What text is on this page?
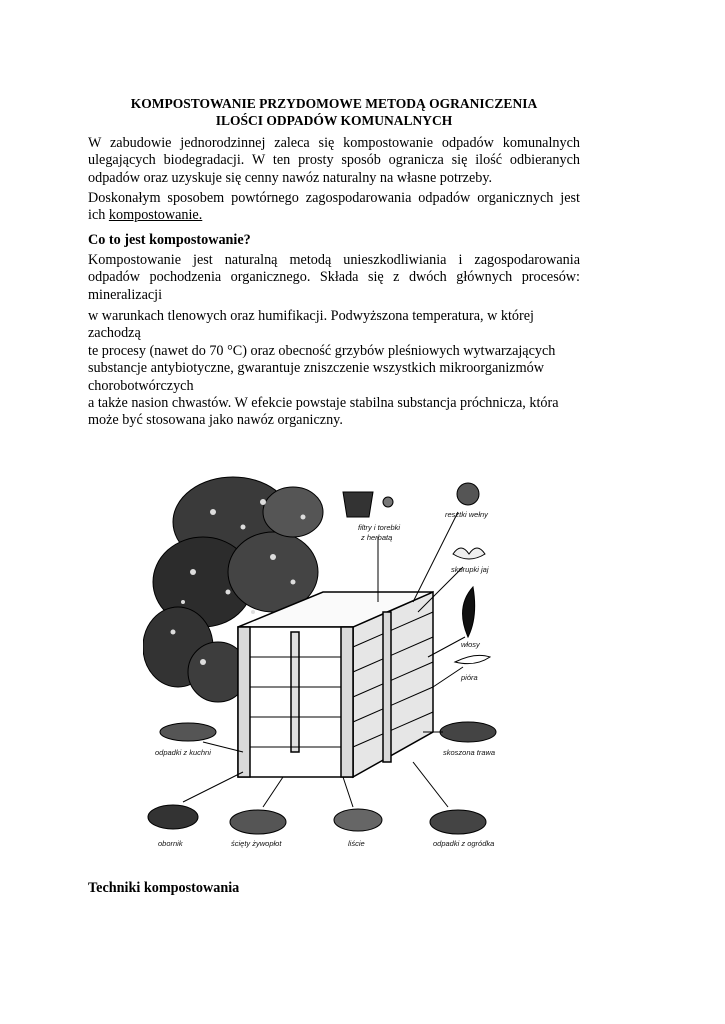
KOMPOSTOWANIE PRZYDOMOWE METODĄ OGRANICZENIA
ILOŚCI ODPADÓW KOMUNALNYCH
W zabudowie jednorodzinnej zaleca się kompostowanie odpadów komunalnych ulegających biodegradacji. W ten prosty sposób ogranicza się ilość odbieranych odpadów oraz uzyskuje się cenny nawóz naturalny na własne potrzeby.
Doskonałym sposobem powtórnego zagospodarowania odpadów organicznych jest ich kompostowanie.
Co to jest kompostowanie?
Kompostowanie jest naturalną metodą unieszkodliwiania i zagospodarowania odpadów pochodzenia organicznego. Składa się z dwóch głównych procesów: mineralizacji
w warunkach tlenowych oraz humifikacji. Podwyższona temperatura, w której
zachodzą
te procesy (nawet do 70 °C) oraz obecność grzybów pleśniowych wytwarzających
substancje antybiotyczne, gwarantuje zniszczenie wszystkich mikroorganizmów
chorobotwórczych
a także nasion chwastów. W efekcie powstaje stabilna substancja próchnicza, która
może być stosowana jako nawóz organiczny.
filtry i torebki
z herbatą
resztki wełny
skorupki jaj
włosy
pióra
odpadki z kuchni	skoszona trawa
obornik	ścięty żywopłot	liście	odpadki z ogródka
Techniki kompostowania
